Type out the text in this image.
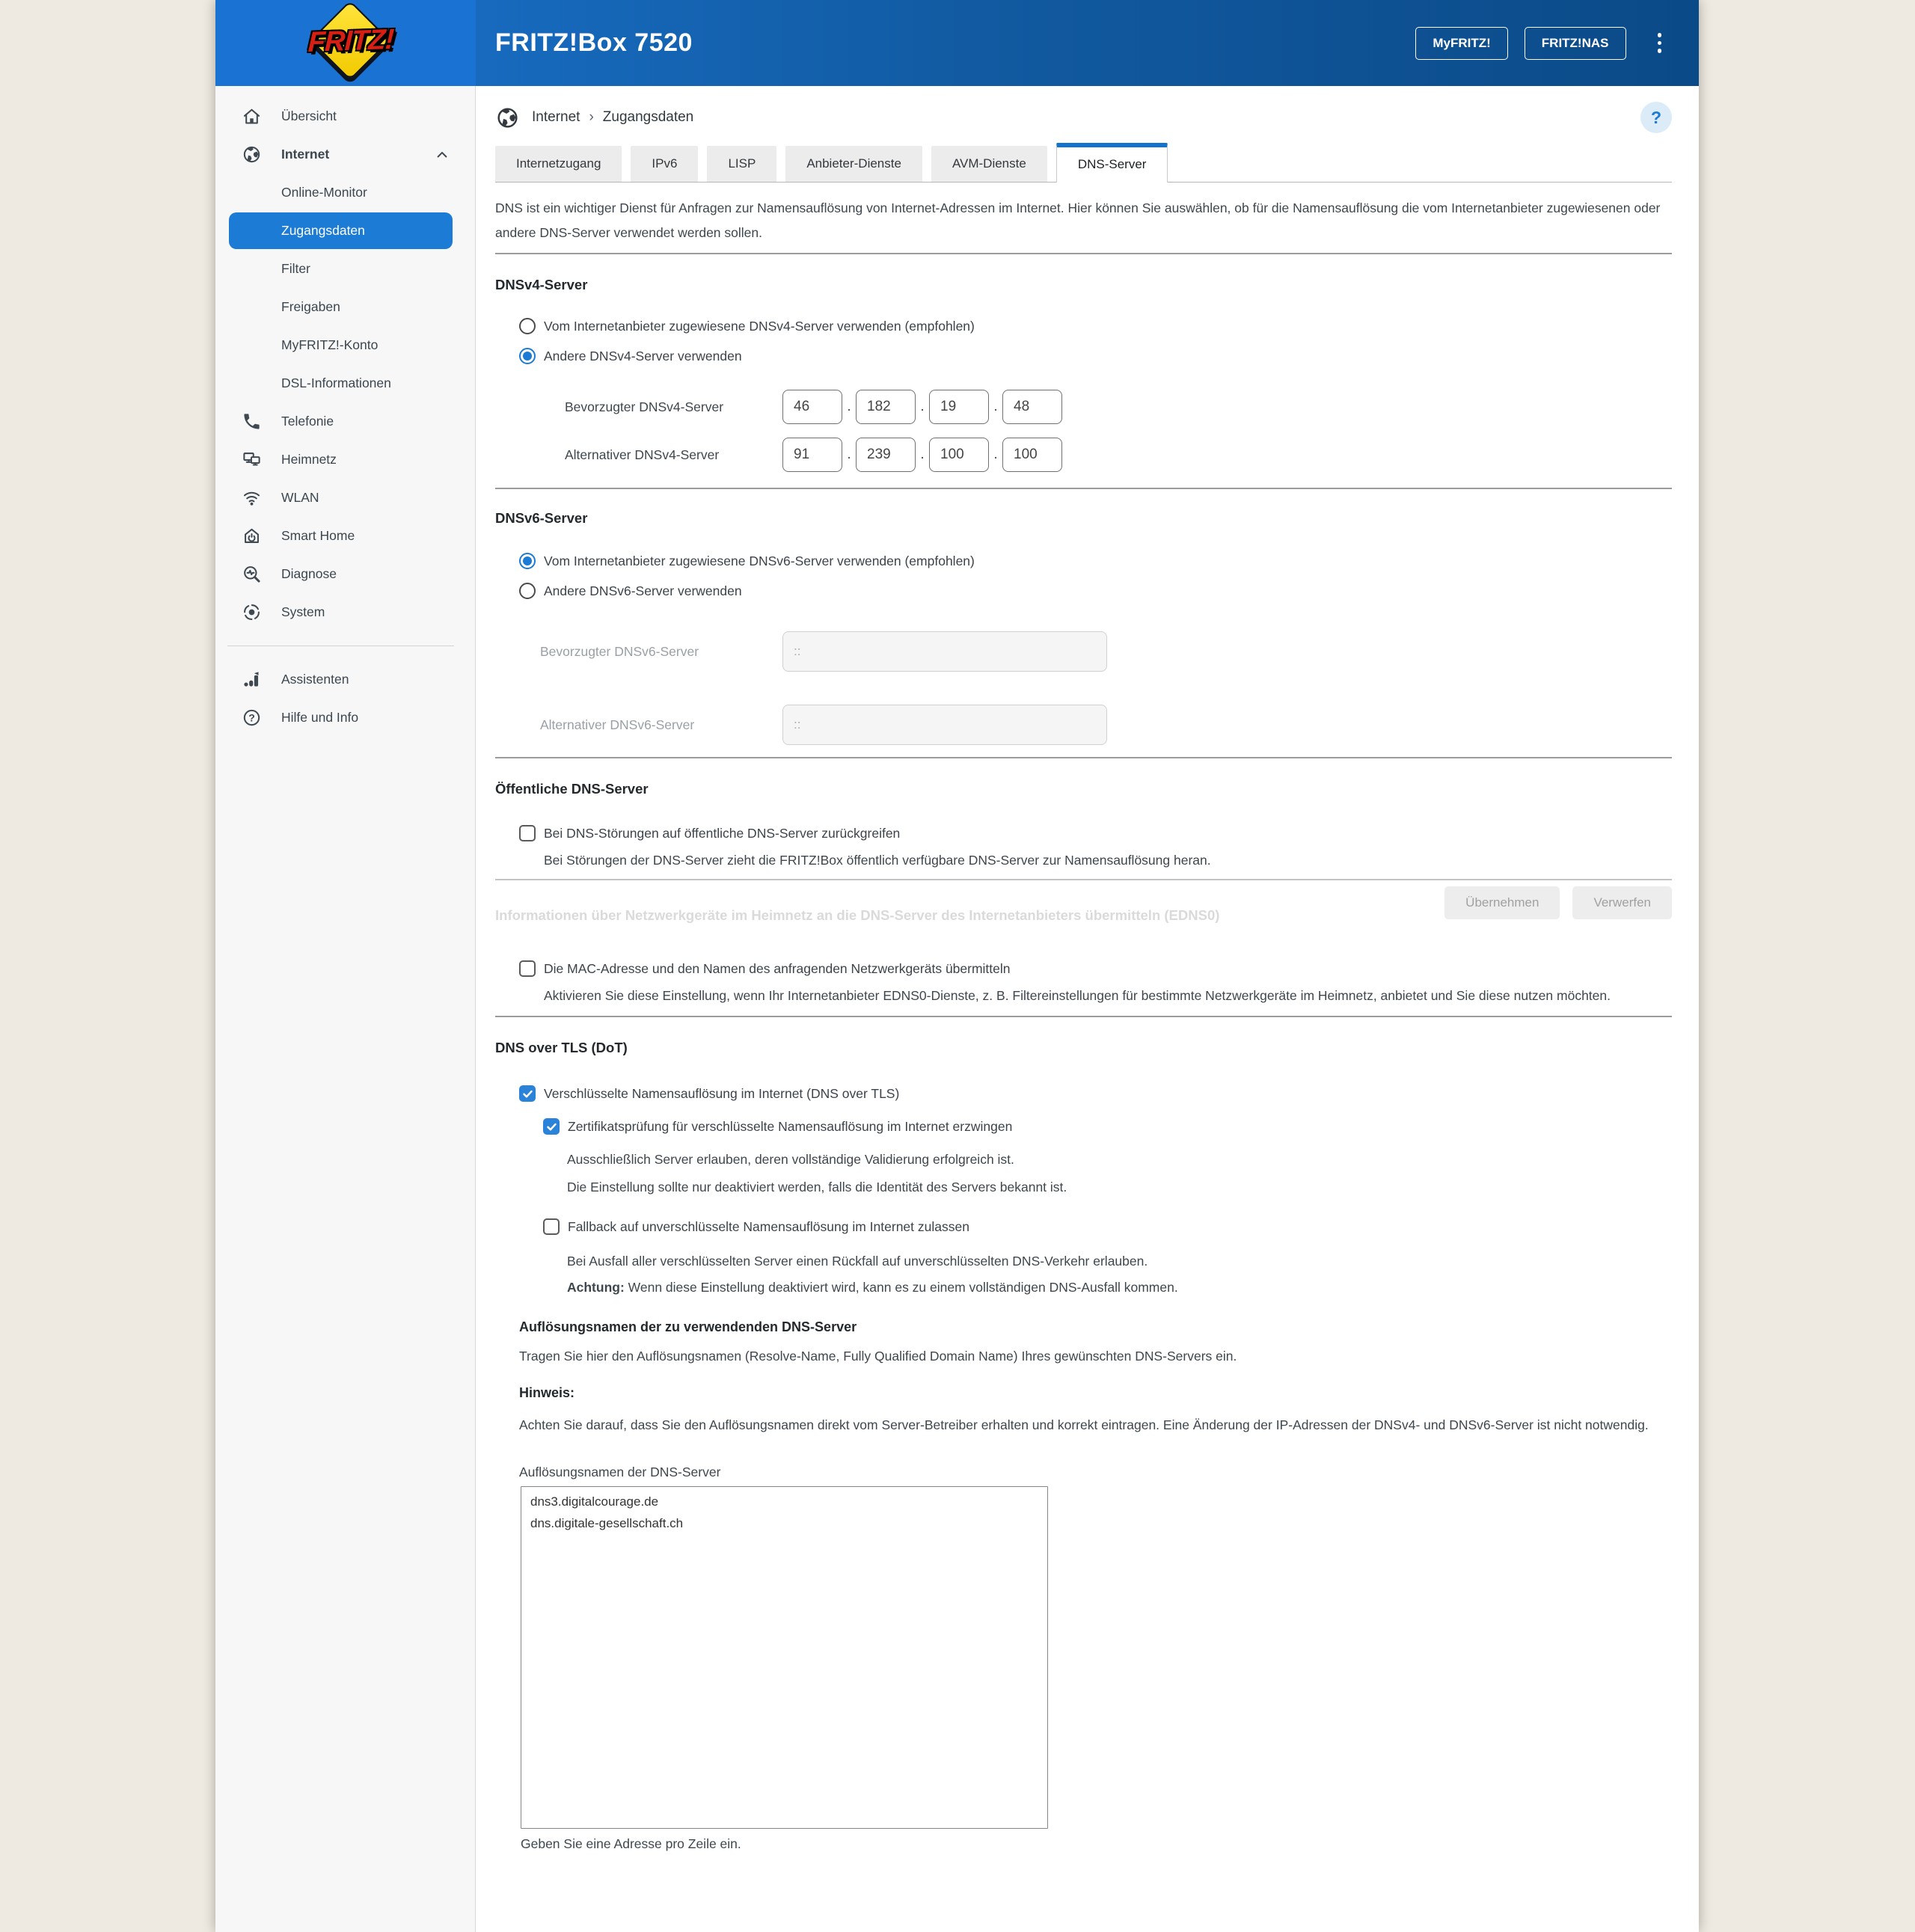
FRITZ!	FRITZ!Box 7520	MyFRITZ!	FRITZ!NAS
Übersicht
Internet
Online-Monitor
Zugangsdaten
Filter
Freigaben
MyFRITZ!-Konto
DSL-Informationen
Telefonie
Heimnetz
WLAN
Smart Home
Diagnose
System
Assistenten
? Hilfe und Info
Internet › Zugangsdaten	?
Internetzugang	IPv6	LISP	Anbieter-Dienste	AVM-Dienste	DNS-Server

DNS ist ein wichtiger Dienst für Anfragen zur Namensauflösung von Internet-Adressen im Internet. Hier können Sie auswählen, ob für die Namensauflösung die vom Internetanbieter zugewiesenen oder andere DNS-Server verwendet werden sollen.

DNSv4-Server
Vom Internetanbieter zugewiesene DNSv4-Server verwenden (empfohlen)
Andere DNSv4-Server verwenden
Bevorzugter DNSv4-Server
46	.
182	.
19	.
48
Alternativer DNSv4-Server
91	.
239	.
100	.
100
DNSv6-Server
Vom Internetanbieter zugewiesene DNSv6-Server verwenden (empfohlen)
Andere DNSv6-Server verwenden
Bevorzugter DNSv6-Server
::
Alternativer DNSv6-Server
::
Öffentliche DNS-Server
Bei DNS-Störungen auf öffentliche DNS-Server zurückgreifen
Bei Störungen der DNS-Server zieht die FRITZ!Box öffentlich verfügbare DNS-Server zur Namensauflösung heran.
Übernehmen	Verwerfen
Informationen über Netzwerkgeräte im Heimnetz an die DNS-Server des Internetanbieters übermitteln (EDNS0)
Die MAC-Adresse und den Namen des anfragenden Netzwerkgeräts übermitteln
Aktivieren Sie diese Einstellung, wenn Ihr Internetanbieter EDNS0-Dienste, z. B. Filtereinstellungen für bestimmte Netzwerkgeräte im Heimnetz, anbietet und Sie diese nutzen möchten.
DNS over TLS (DoT)
Verschlüsselte Namensauflösung im Internet (DNS over TLS)
Zertifikatsprüfung für verschlüsselte Namensauflösung im Internet erzwingen
Ausschließlich Server erlauben, deren vollständige Validierung erfolgreich ist.
Die Einstellung sollte nur deaktiviert werden, falls die Identität des Servers bekannt ist.
Fallback auf unverschlüsselte Namensauflösung im Internet zulassen
Bei Ausfall aller verschlüsselten Server einen Rückfall auf unverschlüsselten DNS-Verkehr erlauben.
Achtung: Wenn diese Einstellung deaktiviert wird, kann es zu einem vollständigen DNS-Ausfall kommen.
Auflösungsnamen der zu verwendenden DNS-Server
Tragen Sie hier den Auflösungsnamen (Resolve-Name, Fully Qualified Domain Name) Ihres gewünschten DNS-Servers ein.
Hinweis:
Achten Sie darauf, dass Sie den Auflösungsnamen direkt vom Server-Betreiber erhalten und korrekt eintragen. Eine Änderung der IP-Adressen der DNSv4- und DNSv6-Server ist nicht notwendig.
Auflösungsnamen der DNS-Server
dns3.digitalcourage.de dns.digitale-gesellschaft.ch
Geben Sie eine Adresse pro Zeile ein.
